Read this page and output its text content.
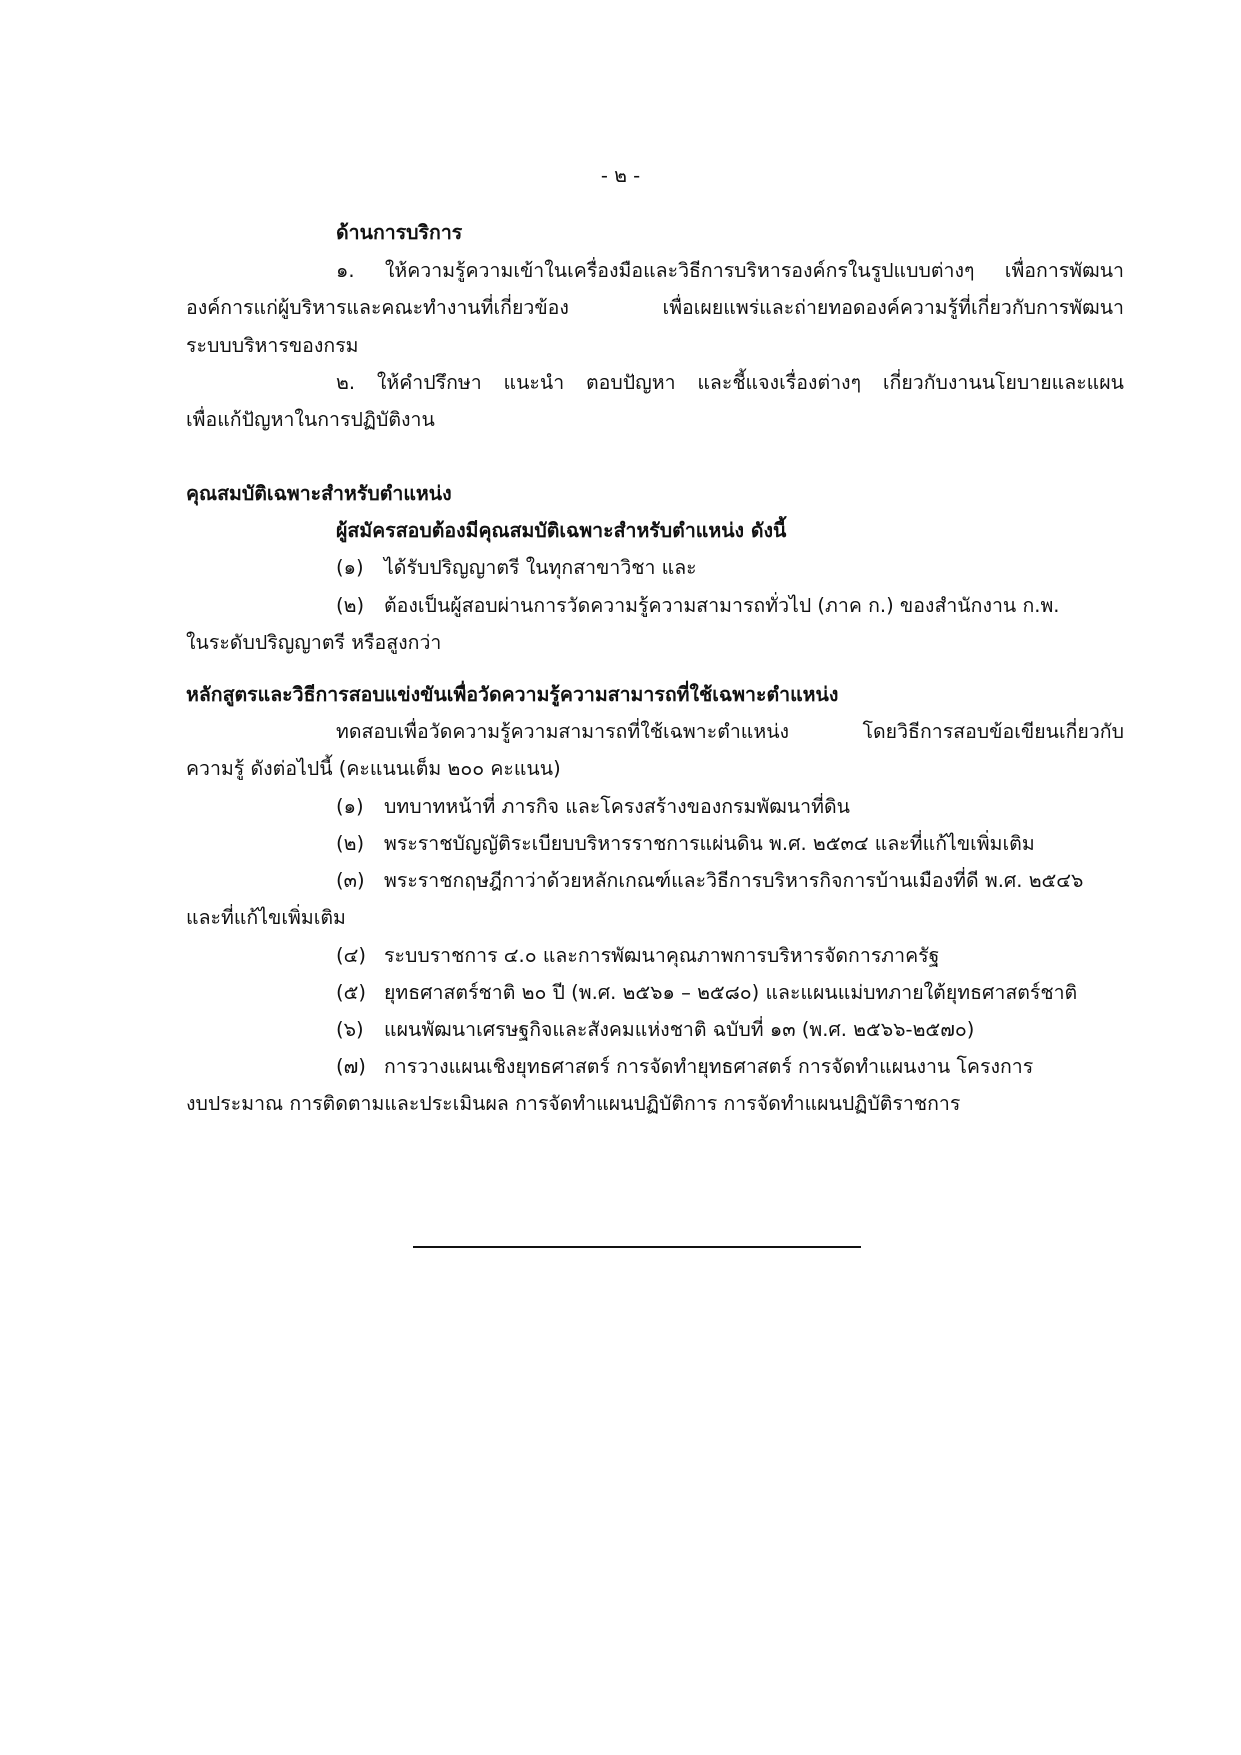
- ๒ -
ด้านการบริการ
๑. ให้ความรู้ความเข้าในเครื่องมือและวิธีการบริหารองค์กรในรูปแบบต่างๆ เพื่อการพัฒนา
องค์การแก่ผู้บริหารและคณะทำงานที่เกี่ยวข้อง เพื่อเผยแพร่และถ่ายทอดองค์ความรู้ที่เกี่ยวกับการพัฒนา
ระบบบริหารของกรม
๒. ให้คำปรึกษา แนะนำ ตอบปัญหา และชี้แจงเรื่องต่างๆ เกี่ยวกับงานนโยบายและแผน
เพื่อแก้ปัญหาในการปฏิบัติงาน
คุณสมบัติเฉพาะสำหรับตำแหน่ง
ผู้สมัครสอบต้องมีคุณสมบัติเฉพาะสำหรับตำแหน่ง ดังนี้
(๑) ได้รับปริญญาตรี ในทุกสาขาวิชา และ
(๒) ต้องเป็นผู้สอบผ่านการวัดความรู้ความสามารถทั่วไป (ภาค ก.) ของสำนักงาน ก.พ.
ในระดับปริญญาตรี หรือสูงกว่า
หลักสูตรและวิธีการสอบแข่งขันเพื่อวัดความรู้ความสามารถที่ใช้เฉพาะตำแหน่ง
ทดสอบเพื่อวัดความรู้ความสามารถที่ใช้เฉพาะตำแหน่ง โดยวิธีการสอบข้อเขียนเกี่ยวกับ
ความรู้ ดังต่อไปนี้ (คะแนนเต็ม ๒๐๐ คะแนน)
(๑) บทบาทหน้าที่ ภารกิจ และโครงสร้างของกรมพัฒนาที่ดิน
(๒) พระราชบัญญัติระเบียบบริหารราชการแผ่นดิน พ.ศ. ๒๕๓๔ และที่แก้ไขเพิ่มเติม
(๓) พระราชกฤษฎีกาว่าด้วยหลักเกณฑ์และวิธีการบริหารกิจการบ้านเมืองที่ดี พ.ศ. ๒๕๔๖
และที่แก้ไขเพิ่มเติม
(๔) ระบบราชการ ๔.๐ และการพัฒนาคุณภาพการบริหารจัดการภาครัฐ
(๕) ยุทธศาสตร์ชาติ ๒๐ ปี (พ.ศ. ๒๕๖๑ – ๒๕๘๐) และแผนแม่บทภายใต้ยุทธศาสตร์ชาติ
(๖) แผนพัฒนาเศรษฐกิจและสังคมแห่งชาติ ฉบับที่ ๑๓ (พ.ศ. ๒๕๖๖-๒๕๗๐)
(๗) การวางแผนเชิงยุทธศาสตร์ การจัดทำยุทธศาสตร์ การจัดทำแผนงาน โครงการ
งบประมาณ การติดตามและประเมินผล การจัดทำแผนปฏิบัติการ การจัดทำแผนปฏิบัติราชการ
